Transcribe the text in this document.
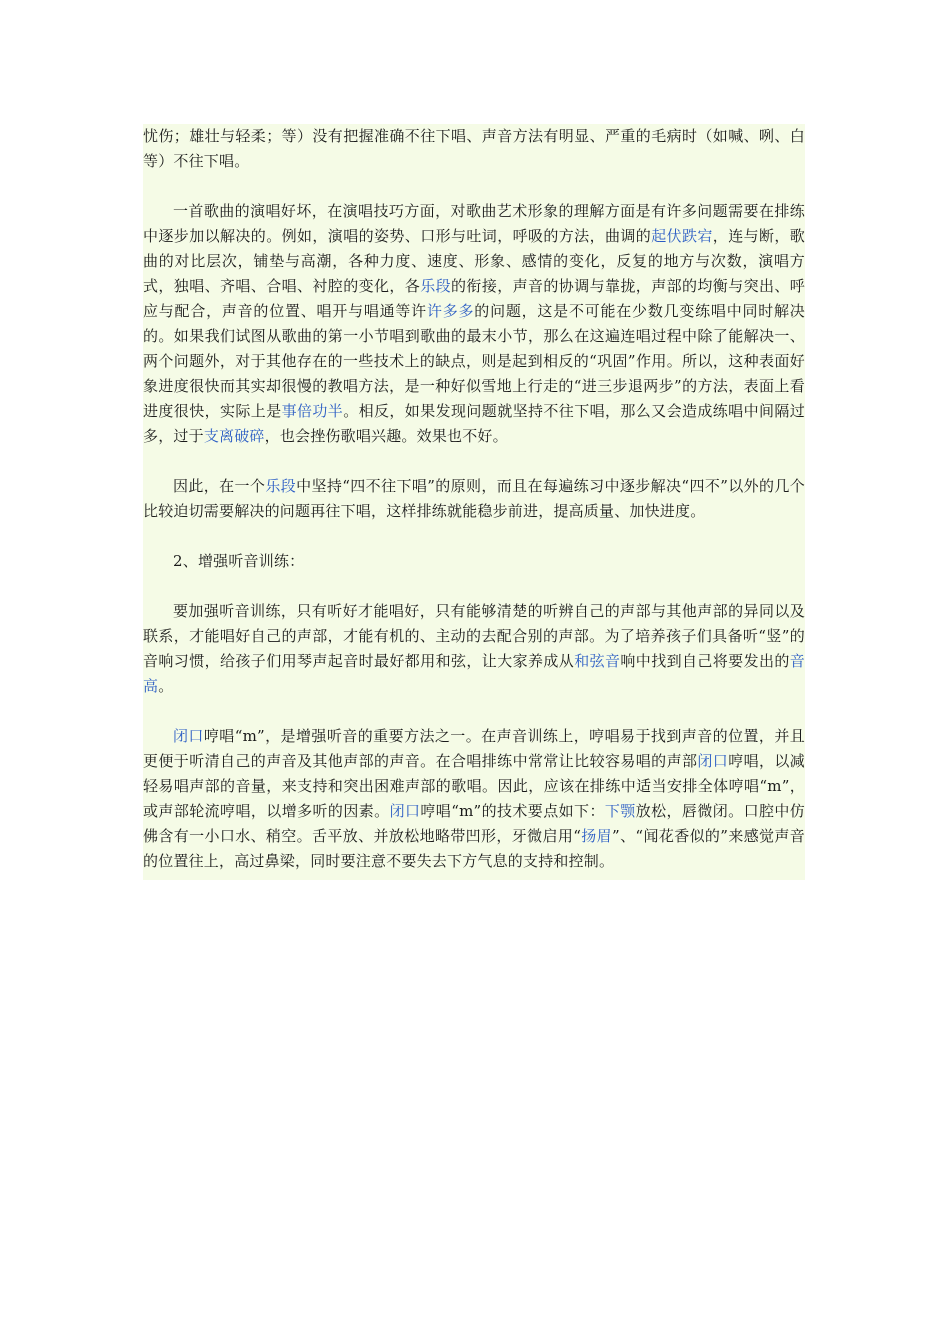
忧伤；雄壮与轻柔；等）没有把握准确不往下唱、声音方法有明显、严重的毛病时（如喊、咧、白等）不往下唱。

一首歌曲的演唱好坏，在演唱技巧方面，对歌曲艺术形象的理解方面是有许多问题需要在排练中逐步加以解决的。例如，演唱的姿势、口形与吐词，呼吸的方法，曲调的起伏跌宕，连与断，歌曲的对比层次，铺垫与高潮，各种力度、速度、形象、感情的变化，反复的地方与次数，演唱方式，独唱、齐唱、合唱、衬腔的变化，各乐段的衔接，声音的协调与靠拢，声部的均衡与突出、呼应与配合，声音的位置、唱开与唱通等许许多多的问题，这是不可能在少数几变练唱中同时解决的。如果我们试图从歌曲的第一小节唱到歌曲的最末小节，那么在这遍连唱过程中除了能解决一、两个问题外，对于其他存在的一些技术上的缺点，则是起到相反的“巩固”作用。所以，这种表面好象进度很快而其实却很慢的教唱方法，是一种好似雪地上行走的“进三步退两步”的方法，表面上看进度很快，实际上是事倍功半。相反，如果发现问题就坚持不往下唱，那么又会造成练唱中间隔过多，过于支离破碎，也会挫伤歌唱兴趣。效果也不好。

因此，在一个乐段中坚持“四不往下唱”的原则，而且在每遍练习中逐步解决“四不”以外的几个比较迫切需要解决的问题再往下唱，这样排练就能稳步前进，提高质量、加快进度。

2、增强听音训练：

要加强听音训练，只有听好才能唱好，只有能够清楚的听辨自己的声部与其他声部的异同以及联系，才能唱好自己的声部，才能有机的、主动的去配合别的声部。为了培养孩子们具备听“竖”的音响习惯，给孩子们用琴声起音时最好都用和弦，让大家养成从和弦音响中找到自己将要发出的音高。

闭口哼唱“m”，是增强听音的重要方法之一。在声音训练上，哼唱易于找到声音的位置，并且更便于听清自己的声音及其他声部的声音。在合唱排练中常常让比较容易唱的声部闭口哼唱，以减轻易唱声部的音量，来支持和突出困难声部的歌唱。因此，应该在排练中适当安排全体哼唱“m”，或声部轮流哼唱，以增多听的因素。闭口哼唱“m”的技术要点如下：下颚放松，唇微闭。口腔中仿佛含有一小口水、稍空。舌平放、并放松地略带凹形，牙微启用“扬眉”、“闻花香似的”来感觉声音的位置往上，高过鼻梁，同时要注意不要失去下方气息的支持和控制。
